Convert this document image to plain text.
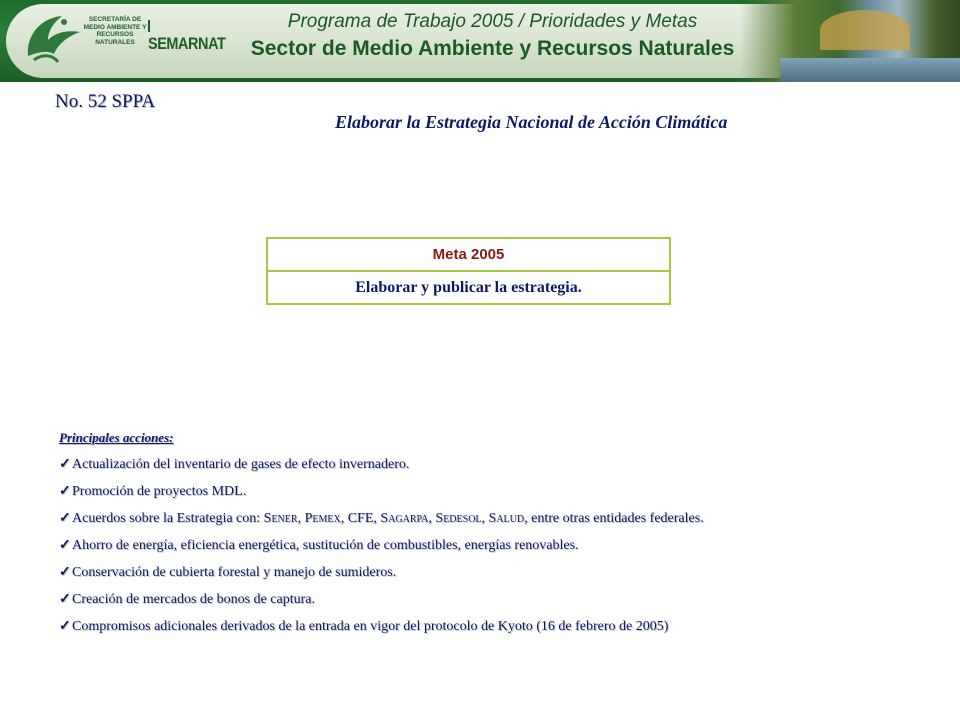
SECRETARÍA DE
MEDIO AMBIENTE Y
RECURSOS NATURALES SEMARNAT
Programa de Trabajo 2005 / Prioridades y Metas
Sector de Medio Ambiente y Recursos Naturales
No. 52 SPPA
Elaborar la Estrategia Nacional de Acción Climática
Meta 2005
Elaborar y publicar la estrategia.
Principales acciones:
✓ Actualización del inventario de gases de efecto invernadero.
✓ Promoción de proyectos MDL.
✓ Acuerdos sobre la Estrategia con: SENER, PEMEX, CFE, SAGARPA, SEDESOL, SALUD, entre otras entidades federales.
✓ Ahorro de energía, eficiencia energética, sustitución de combustibles, energías renovables.
✓ Conservación de cubierta forestal y manejo de sumideros.
✓ Creación de mercados de bonos de captura.
✓ Compromisos adicionales derivados de la entrada en vigor del protocolo de Kyoto (16 de febrero de 2005)
